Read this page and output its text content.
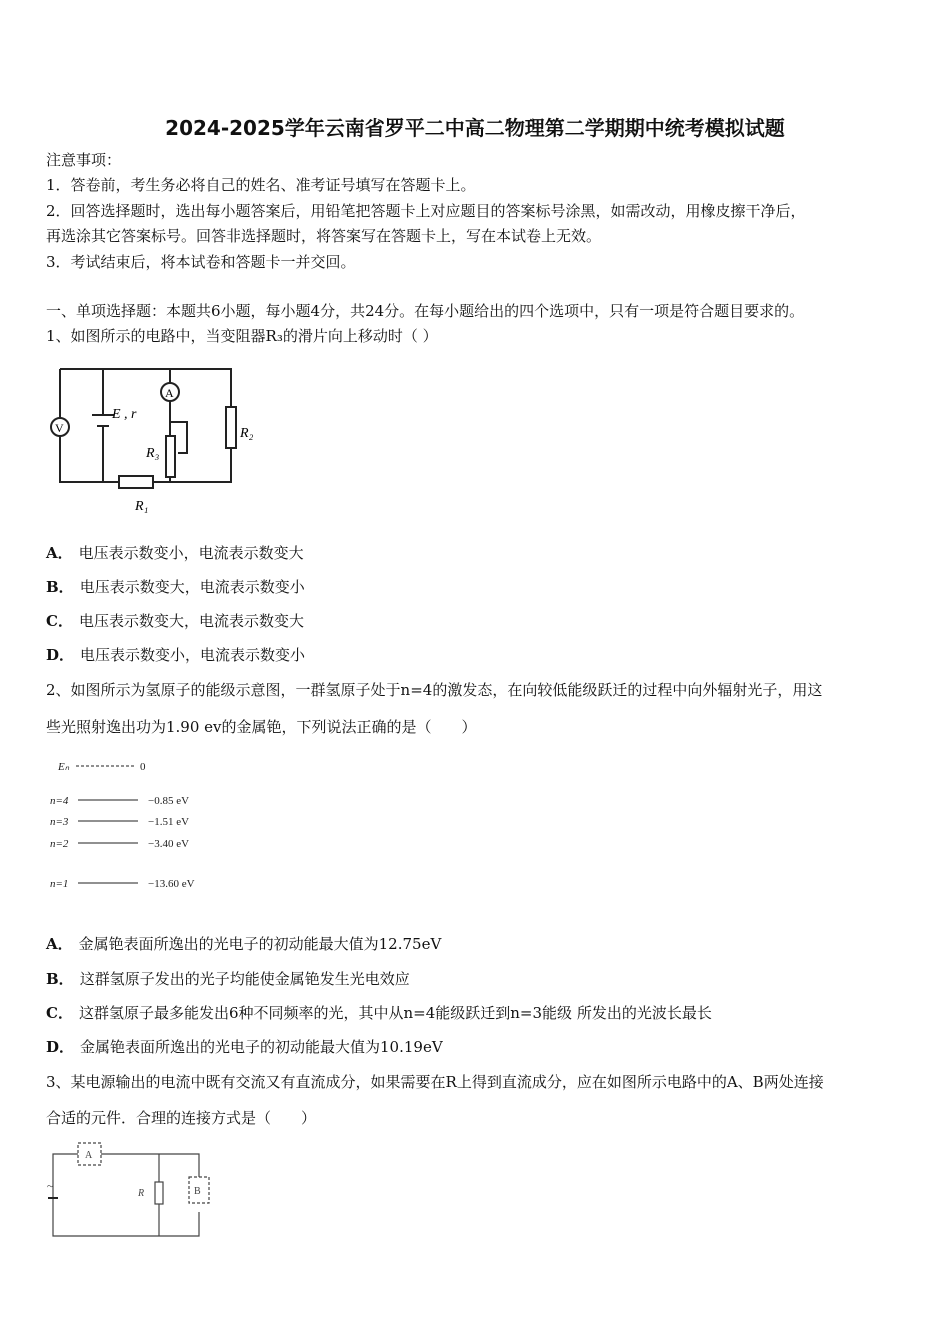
2024-2025学年云南省罗平二中高二物理第二学期期中统考模拟试题
注意事项：
1．答卷前，考生务必将自己的姓名、准考证号填写在答题卡上。
2．回答选择题时，选出每小题答案后，用铅笔把答题卡上对应题目的答案标号涂黑，如需改动，用橡皮擦干净后，
再选涂其它答案标号。回答非选择题时，将答案写在答题卡上，写在本试卷上无效。
3．考试结束后，将本试卷和答题卡一并交回。
一、单项选择题：本题共6小题，每小题4分，共24分。在每小题给出的四个选项中，只有一项是符合题目要求的。
1、如图所示的电路中，当变阻器R₃的滑片向上移动时（ ）
V
A
E , r
R₃
R₂
R₁
A． 电压表示数变小，电流表示数变大
B． 电压表示数变大，电流表示数变小
C． 电压表示数变大，电流表示数变大
D． 电压表示数变小，电流表示数变小
2、如图所示为氢原子的能级示意图，一群氢原子处于n=4的激发态，在向较低能级跃迁的过程中向外辐射光子，用这
些光照射逸出功为1.90 ev的金属铯，下列说法正确的是（　　）
Eₙ	0
n=4	−0.85 eV
n=3	−1.51 eV
n=2	−3.40 eV
n=1	−13.60 eV
A． 金属铯表面所逸出的光电子的初动能最大值为12.75eV
B． 这群氢原子发出的光子均能使金属铯发生光电效应
C． 这群氢原子最多能发出6种不同频率的光，其中从n=4能级跃迁到n=3能级 所发出的光波长最长
D． 金属铯表面所逸出的光电子的初动能最大值为10.19eV
3、某电源输出的电流中既有交流又有直流成分，如果需要在R上得到直流成分，应在如图所示电路中的A、B两处连接
合适的元件．合理的连接方式是（　　）
A
B
R
~
